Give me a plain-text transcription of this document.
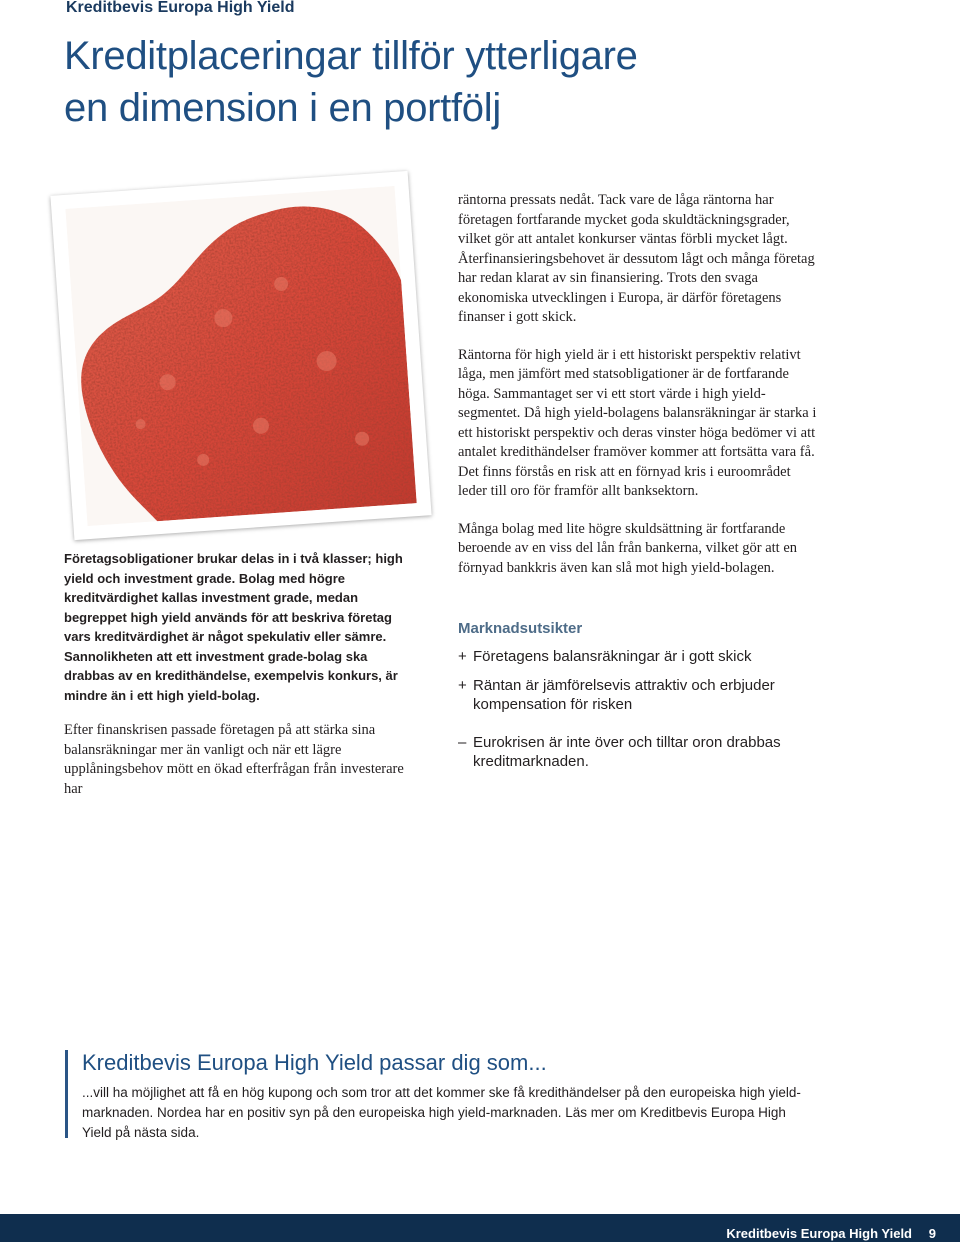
Kreditbevis Europa High Yield
Kreditplaceringar tillför ytterligare
en dimension i en portfölj

Företagsobligationer brukar delas in i två klasser; high yield och investment grade. Bolag med högre kreditvärdighet kallas investment grade, medan begreppet high yield används för att beskriva företag vars kreditvärdighet är något spekulativ eller sämre. Sannolikheten att ett investment grade-bolag ska drabbas av en kredithändelse, exempelvis konkurs, är mindre än i ett high yield-bolag.

Efter finanskrisen passade företagen på att stärka sina balansräkningar mer än vanligt och när ett lägre upplåningsbehov mött en ökad efterfrågan från investerare har

räntorna pressats nedåt. Tack vare de låga räntorna har företagen fortfarande mycket goda skuldtäckningsgrader, vilket gör att antalet konkurser väntas förbli mycket lågt. Återfinansieringsbehovet är dessutom lågt och många företag har redan klarat av sin finansiering. Trots den svaga ekonomiska utvecklingen i Europa, är därför företagens finanser i gott skick.

Räntorna för high yield är i ett historiskt perspektiv relativt låga, men jämfört med statsobligationer är de fortfarande höga. Sammantaget ser vi ett stort värde i high yield-segmentet. Då high yield-bolagens balansräkningar är starka i ett historiskt perspektiv och deras vinster höga bedömer vi att antalet kredithändelser framöver kommer att fortsätta vara få. Det finns förstås en risk att en förnyad kris i euroområdet leder till oro för framför allt banksektorn.

Många bolag med lite högre skuldsättning är fortfarande beroende av en viss del lån från bankerna, vilket gör att en förnyad bankkris även kan slå mot high yield-bolagen.

Marknadsutsikter
+ Företagens balansräkningar är i gott skick
+ Räntan är jämförelsevis attraktiv och erbjuder kompensation för risken
– Eurokrisen är inte över och tilltar oron drabbas kreditmarknaden.
Kreditbevis Europa High Yield passar dig som...

...vill ha möjlighet att få en hög kupong och som tror att det kommer ske få kredithändelser på den europeiska high yield-marknaden. Nordea har en positiv syn på den europeiska high yield-marknaden. Läs mer om Kreditbevis Europa High Yield på nästa sida.

Kreditbevis Europa High Yield 9
